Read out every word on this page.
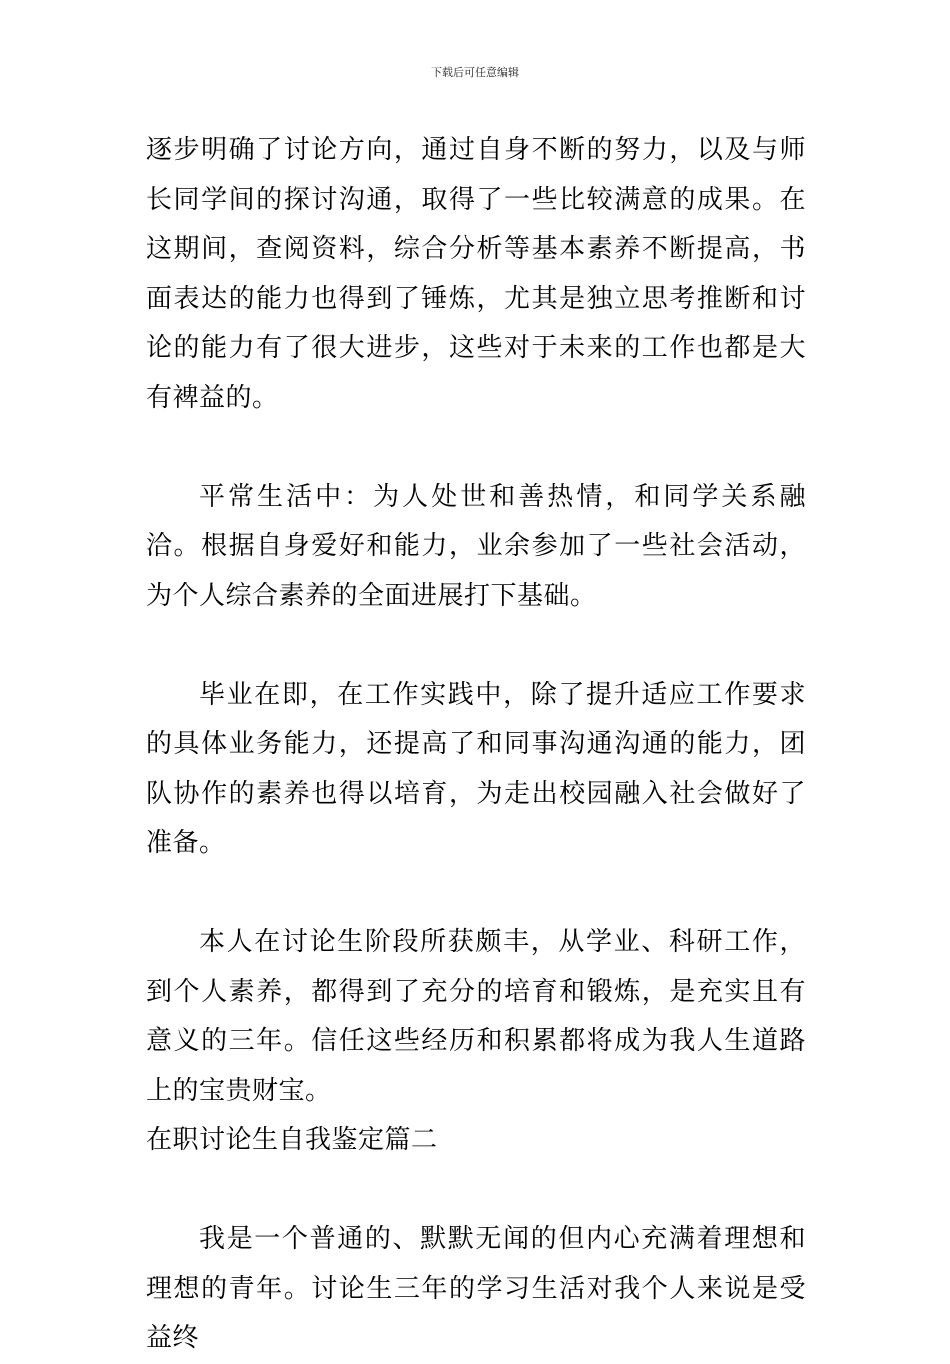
下载后可任意编辑

逐步明确了讨论方向，通过自身不断的努力，以及与师长同学间的探讨沟通，取得了一些比较满意的成果。在这期间，查阅资料，综合分析等基本素养不断提高，书面表达的能力也得到了锤炼，尤其是独立思考推断和讨论的能力有了很大进步，这些对于未来的工作也都是大有裨益的。

平常生活中：为人处世和善热情，和同学关系融洽。根据自身爱好和能力，业余参加了一些社会活动，为个人综合素养的全面进展打下基础。

毕业在即，在工作实践中，除了提升适应工作要求的具体业务能力，还提高了和同事沟通沟通的能力，团队协作的素养也得以培育，为走出校园融入社会做好了准备。

本人在讨论生阶段所获颇丰，从学业、科研工作，到个人素养，都得到了充分的培育和锻炼，是充实且有意义的三年。信任这些经历和积累都将成为我人生道路上的宝贵财宝。

在职讨论生自我鉴定篇二

我是一个普通的、默默无闻的但内心充满着理想和理想的青年。讨论生三年的学习生活对我个人来说是受益终
